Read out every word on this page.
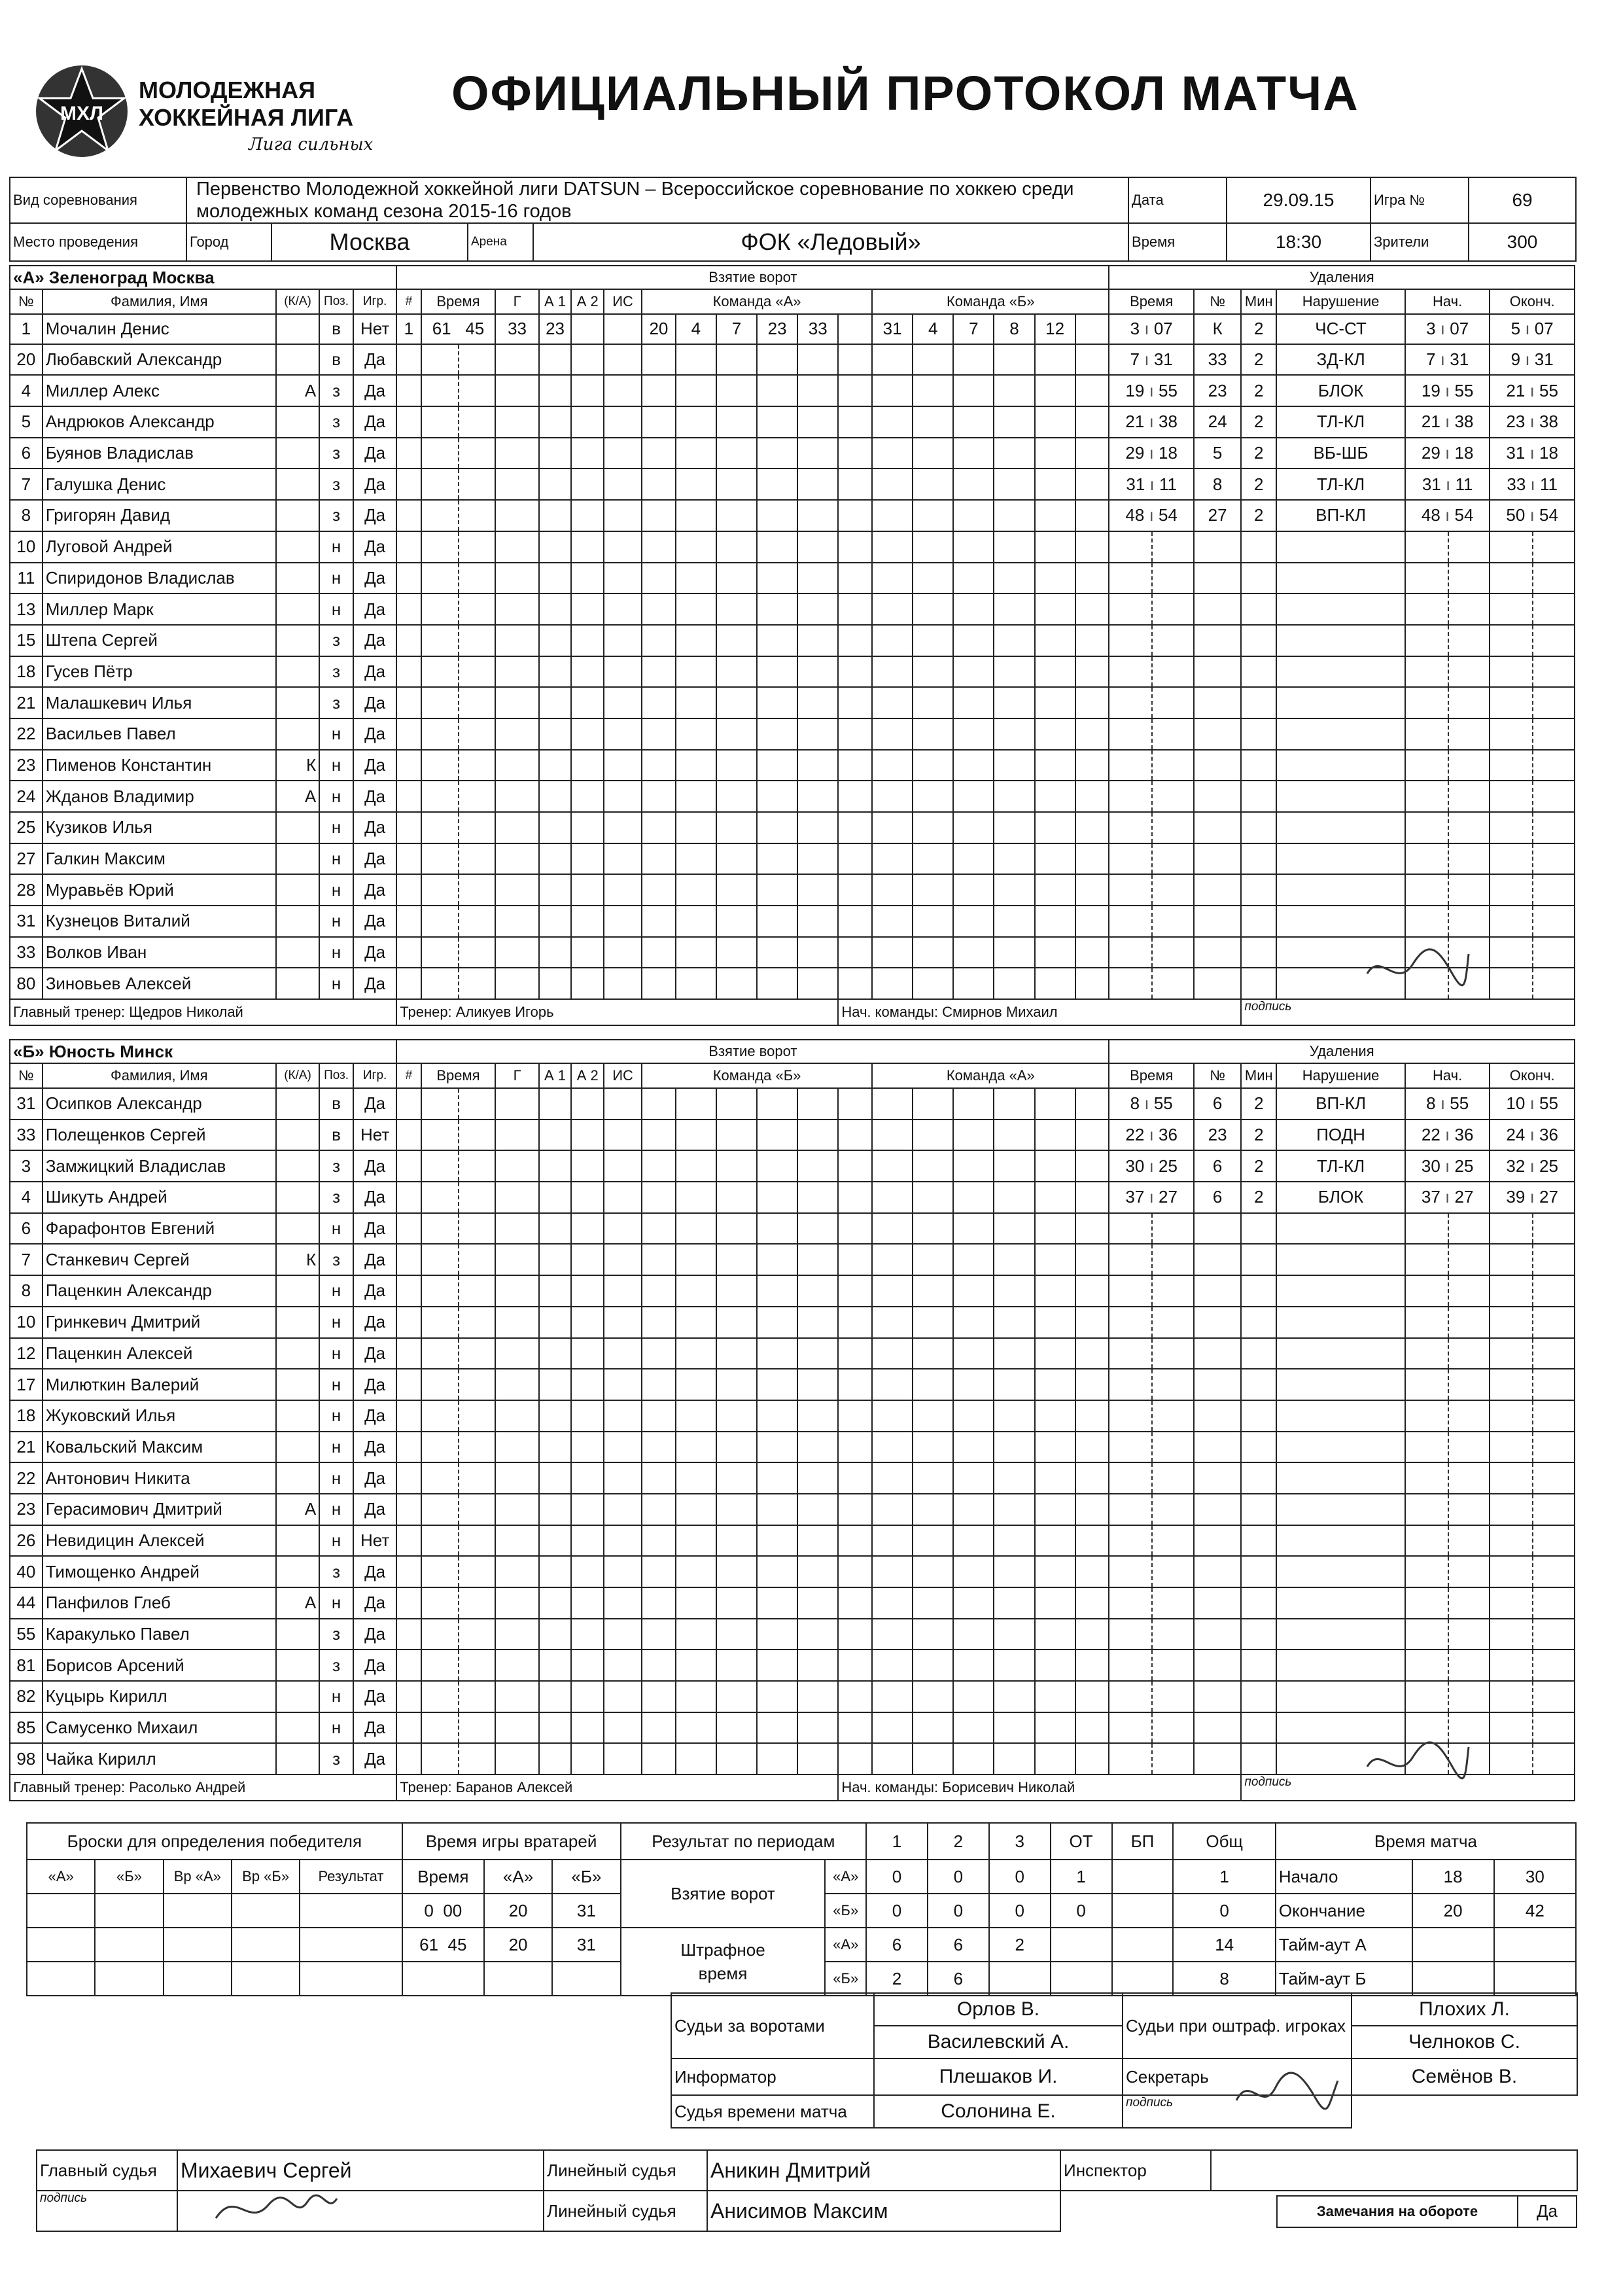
МХЛ
МОЛОДЕЖНАЯ
ХОККЕЙНАЯ ЛИГА
Лига сильных
ОФИЦИАЛЬНЫЙ ПРОТОКОЛ МАТЧА
Вид соревнования	Первенство Молодежной хоккейной лиги DATSUN – Всероссийское соревнование по хоккею среди молодежных команд сезона 2015-16 годов				Дата	29.09.15	Игра №	69
Место проведения	Город	Москва	Арена	ФОК «Ледовый»	Время	18:30	Зрители	300
«А» Зеленоград Москва					Взятие ворот																		Удаления					
№	Фамилия, Имя	(К/А)	Поз.	Игр.	#	Время	Г	А 1	А 2	ИС	Команда «А»						Команда «Б»						Время	№	Мин	Нарушение	Нач.	Оконч.
1	Мочалин Денис		в	Нет	1	61 45	33	23			20	4	7	23	33		31	4	7	8	12		3 ı 07	К	2	ЧС-СТ	3 ı 07	5 ı 07
20	Любавский Александр		в	Да																			7 ı 31	33	2	ЗД-КЛ	7 ı 31	9 ı 31
4	Миллер Алекс	А	з	Да																			19 ı 55	23	2	БЛОК	19 ı 55	21 ı 55
5	Андрюков Александр		з	Да																			21 ı 38	24	2	ТЛ-КЛ	21 ı 38	23 ı 38
6	Буянов Владислав		з	Да																			29 ı 18	5	2	ВБ-ШБ	29 ı 18	31 ı 18
7	Галушка Денис		з	Да																			31 ı 11	8	2	ТЛ-КЛ	31 ı 11	33 ı 11
8	Григорян Давид		з	Да																			48 ı 54	27	2	ВП-КЛ	48 ı 54	50 ı 54
10	Луговой Андрей		н	Да		

11	Спиридонов Владислав		н	Да		

13	Миллер Марк		н	Да		

15	Штепа Сергей		з	Да		

18	Гусев Пётр		з	Да		

21	Малашкевич Илья		з	Да		

22	Васильев Павел		н	Да		

23	Пименов Константин	К	н	Да		

24	Жданов Владимир	А	н	Да		

25	Кузиков Илья		н	Да		

27	Галкин Максим		н	Да		

28	Муравьёв Юрий		н	Да		

31	Кузнецов Виталий		н	Да		

33	Волков Иван		н	Да		

80	Зиновьев Алексей		н	Да		

Главный тренер: Щедров Николай					Тренер: Аликуев Игорь											Нач. команды: Смирнов Михаил									подпись			
«Б» Юность Минск					Взятие ворот																		Удаления					
№	Фамилия, Имя	(К/А)	Поз.	Игр.	#	Время	Г	А 1	А 2	ИС	Команда «Б»						Команда «А»						Время	№	Мин	Нарушение	Нач.	Оконч.
31	Осипков Александр		в	Да																			8 ı 55	6	2	ВП-КЛ	8 ı 55	10 ı 55
33	Полещенков Сергей		в	Нет																			22 ı 36	23	2	ПОДН	22 ı 36	24 ı 36
3	Замжицкий Владислав		з	Да																			30 ı 25	6	2	ТЛ-КЛ	30 ı 25	32 ı 25
4	Шикуть Андрей		з	Да																			37 ı 27	6	2	БЛОК	37 ı 27	39 ı 27
6	Фарафонтов Евгений		н	Да		

7	Станкевич Сергей	К	з	Да		

8	Паценкин Александр		н	Да		

10	Гринкевич Дмитрий		н	Да		

12	Паценкин Алексей		н	Да		

17	Милюткин Валерий		н	Да		

18	Жуковский Илья		н	Да		

21	Ковальский Максим		н	Да		

22	Антонович Никита		н	Да		

23	Герасимович Дмитрий	А	н	Да		

26	Невидицин Алексей		н	Нет		

40	Тимощенко Андрей		з	Да		

44	Панфилов Глеб	А	н	Да		

55	Каракулько Павел		з	Да		

81	Борисов Арсений		з	Да		

82	Куцырь Кирилл		н	Да		

85	Самусенко Михаил		н	Да		

98	Чайка Кирилл		з	Да		

Главный тренер: Расолько Андрей					Тренер: Баранов Алексей											Нач. команды: Борисевич Николай									подпись			
Броски для определения победителя					Время игры вратарей			Результат по периодам		1	2	3	ОТ	БП	Общ	Время матча		
«А»	«Б»	Вр «А»	Вр «Б»	Результат	Время	«А»	«Б»	Взятие ворот	«А»	0	0	0	1		1	Начало	18	30
					0 00	20	31		«Б»	0	0	0	0		0	Окончание	20	42
					61 45	20	31	Штрафное время	«А»	6	6	2			14	Тайм-аут А		
									«Б»	2	6				8	Тайм-аут Б		
Судьи за воротами	Орлов В.	Судьи при оштраф. игроках	Плохих Л.
	Василевский А.		Челноков С.
Информатор	Плешаков И.	Секретарь	Семёнов В.
Судья времени матча	Солонина Е.	подпись	
Главный судья	Михаевич Сергей	Линейный судья	Аникин Дмитрий	Инспектор	
подпись		Линейный судья	Анисимов Максим			Замечания на обороте	Да
